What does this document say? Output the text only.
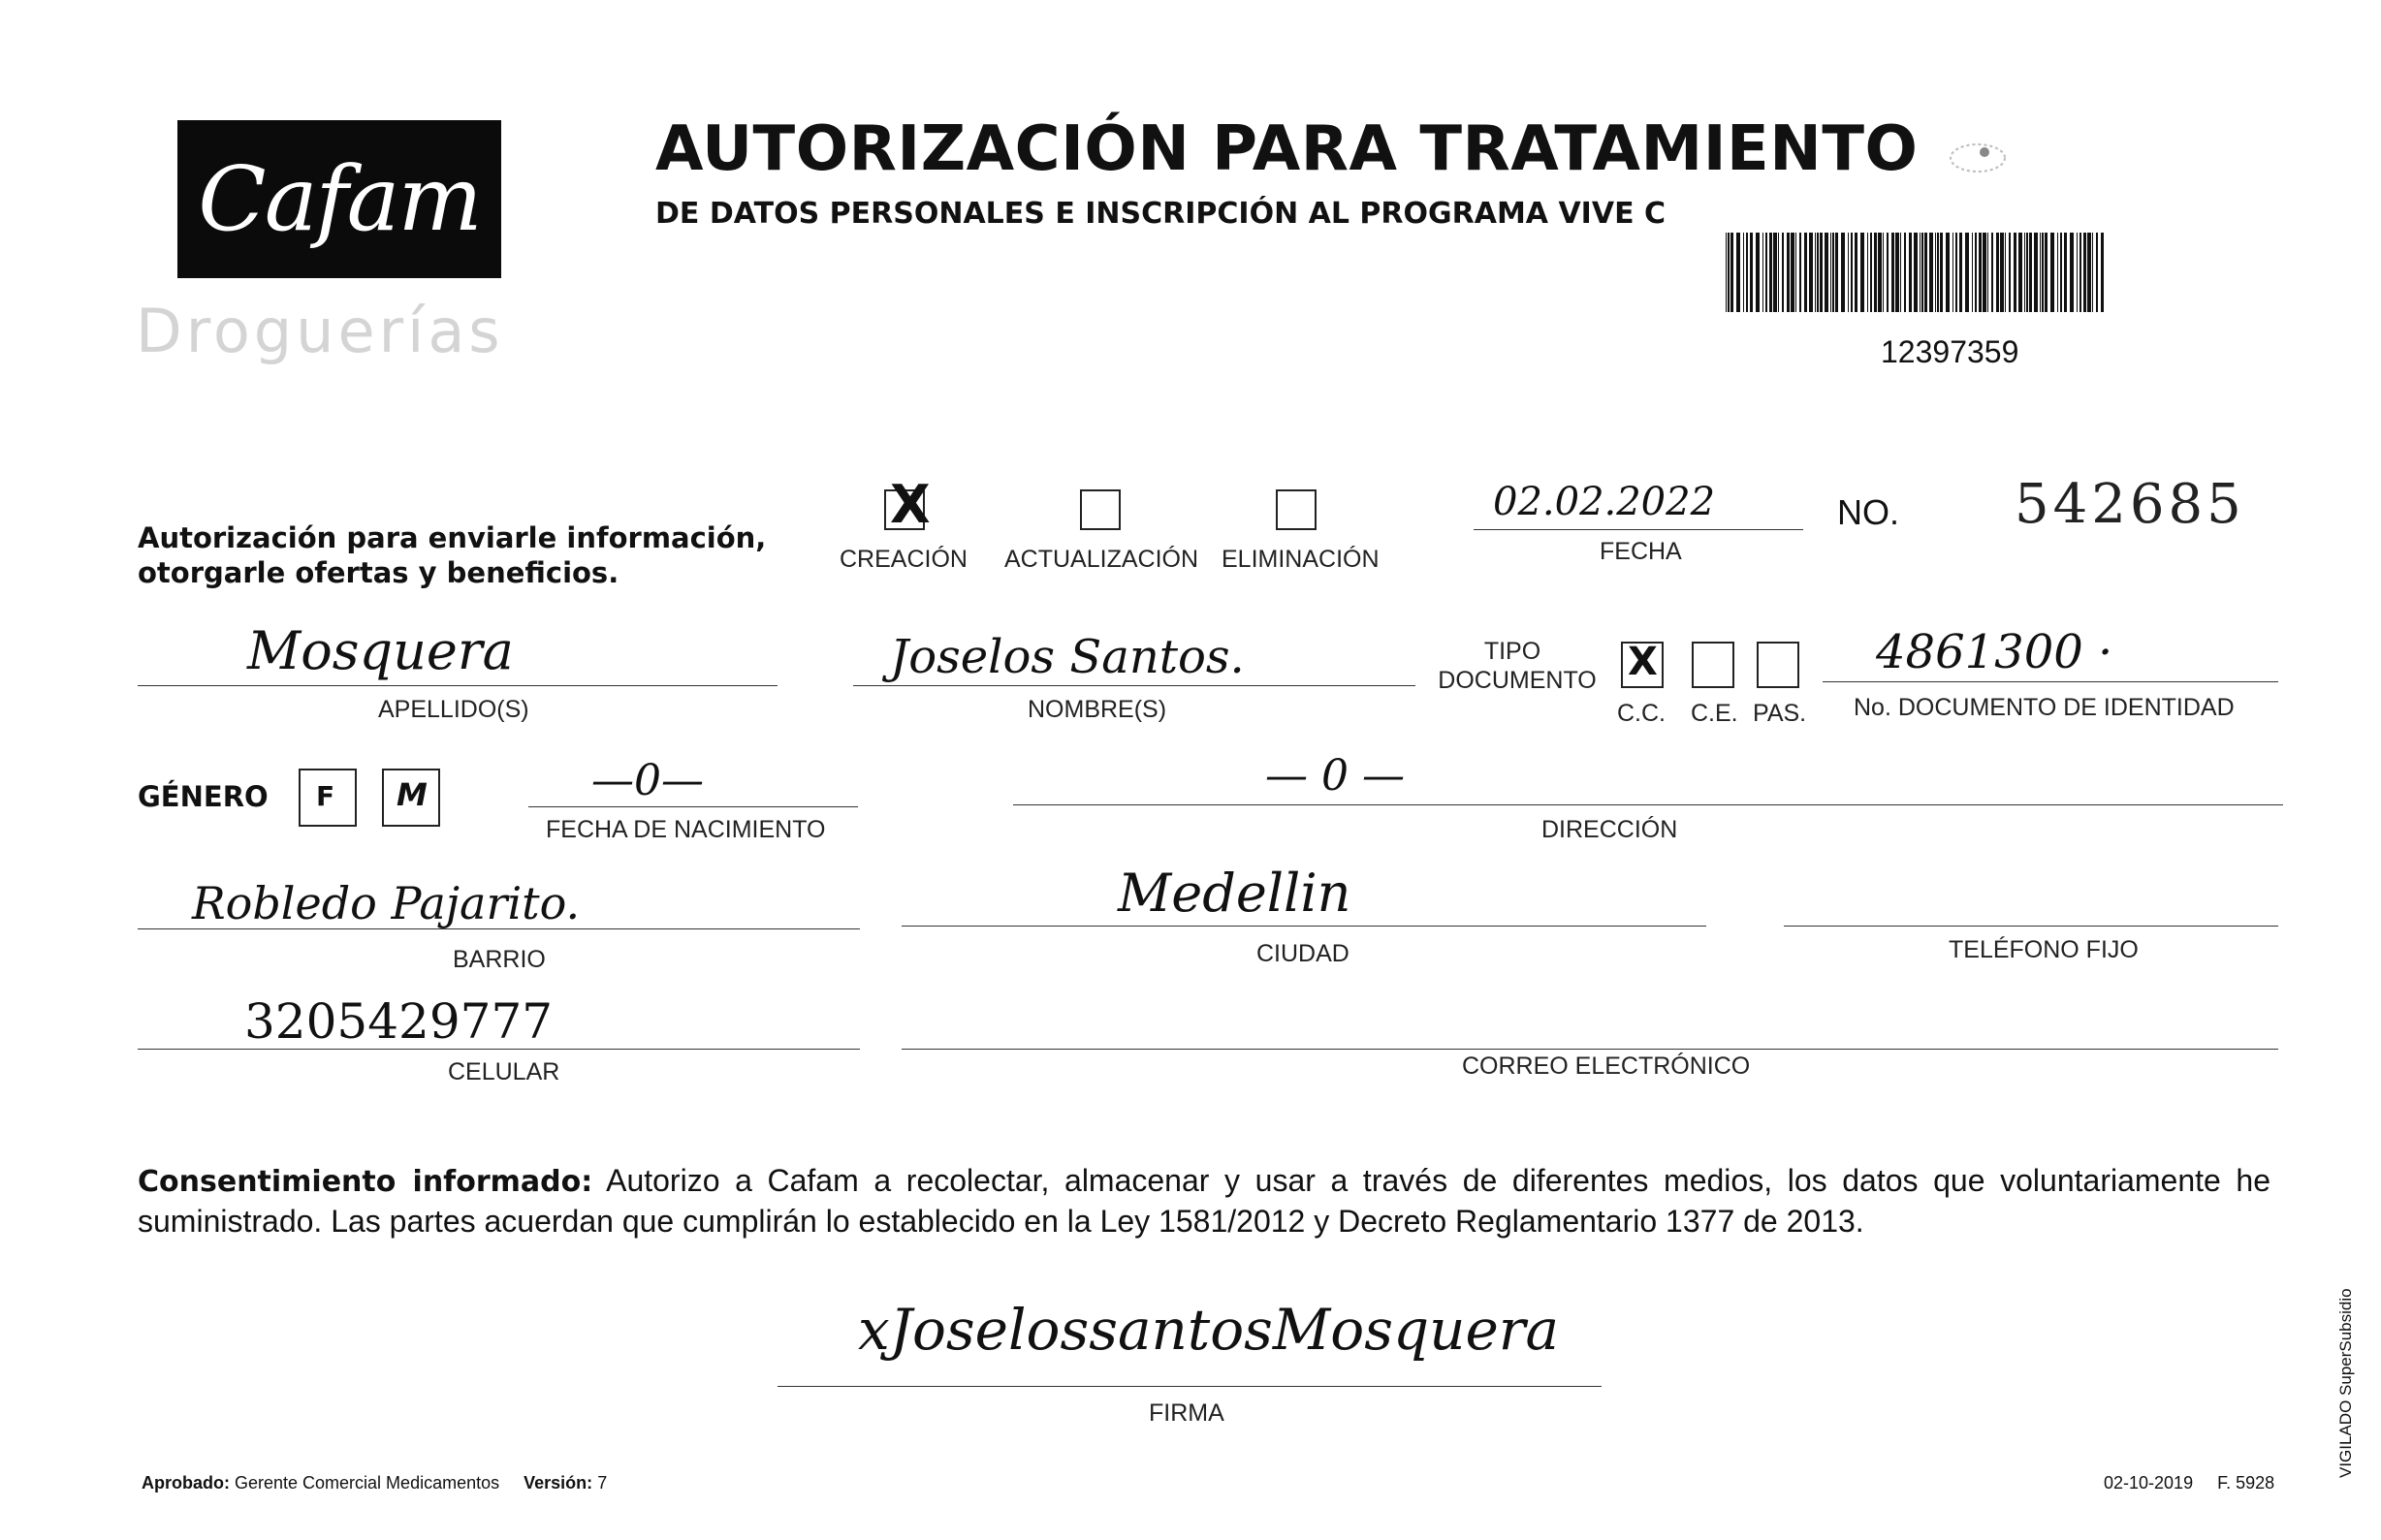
Cafam
Droguerías
AUTORIZACIÓN PARA TRATAMIENTO
DE DATOS PERSONALES E INSCRIPCIÓN AL PROGRAMA VIVE C
12397359
Autorización para enviarle información,
otorgarle ofertas y beneficios.
X
CREACIÓN ACTUALIZACIÓN ELIMINACIÓN
02.02.2022
FECHA
NO. 542685
Mosquera
APELLIDO(S)
Joselos Santos.
NOMBRE(S)
TIPO
DOCUMENTO X
C.C. C.E. PAS.
4861300 ·
No. DOCUMENTO DE IDENTIDAD
GÉNERO F M	—0—
FECHA DE NACIMIENTO
— 0 —
DIRECCIÓN
Robledo Pajarito.
BARRIO
Medellin
CIUDAD	TELÉFONO FIJO
3205429777
CELULAR	CORREO ELECTRÓNICO
Consentimiento informado: Autorizo a Cafam a recolectar, almacenar y usar a través de diferentes medios, los datos que voluntariamente he suministrado. Las partes acuerdan que cumplirán lo establecido en la Ley 1581/2012 y Decreto Reglamentario 1377 de 2013.
xJoselossantosMosquera
FIRMA
Aprobado: Gerente Comercial Medicamentos Versión: 7	02-10-2019 F. 5928
VIGILADO SuperSubsidio
